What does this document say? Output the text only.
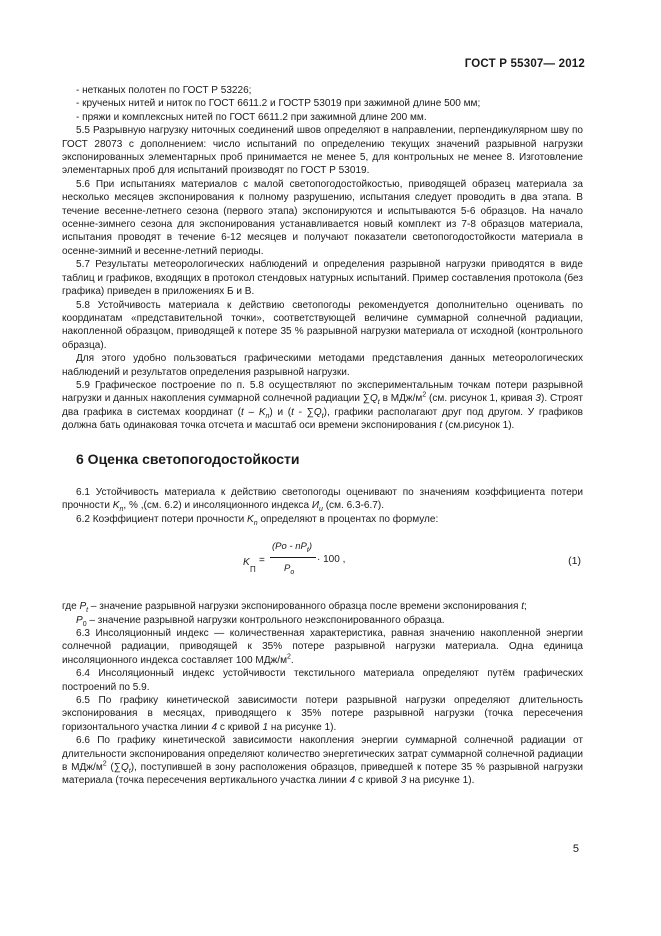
ГОСТ Р 55307— 2012

- нетканых полотен по ГОСТ Р 53226;

- крученых нитей и ниток по ГОСТ 6611.2 и ГОСТР 53019 при зажимной длине 500 мм;

- пряжи и комплексных нитей по ГОСТ 6611.2 при зажимной длине 200 мм.

5.5 Разрывную нагрузку ниточных соединений швов определяют в направлении, перпендикулярном шву по ГОСТ 28073 с дополнением: число испытаний по определению текущих значений разрывной нагрузки экспонированных элементарных проб принимается не менее 5, для контрольных не менее 8. Изготовление элементарных проб для испытаний производят по ГОСТ Р 53019.

5.6 При испытаниях материалов с малой светопогодостойкостью, приводящей образец материала за несколько месяцев экспонирования к полному разрушению, испытания следует проводить в два этапа. В течение весенне-летнего сезона (первого этапа) экспонируются и испытываются 5-6 образцов. На начало осенне-зимнего сезона для экспонирования устанавливается новый комплект из 7-8 образцов материала, испытания проводят в течение 6-12 месяцев и получают показатели светопогодостойкости материала в осенне-зимний и весенне-летний периоды.

5.7 Результаты метеорологических наблюдений и определения разрывной нагрузки приводятся в виде таблиц и графиков, входящих в протокол стендовых натурных испытаний. Пример составления протокола (без графика) приведен в приложениях Б и В.

5.8 Устойчивость материала к действию светопогоды рекомендуется дополнительно оценивать по координатам «представительной точки», соответствующей величине суммарной солнечной радиации, накопленной образцом, приводящей к потере 35 % разрывной нагрузки материала от исходной (контрольного образца).

Для этого удобно пользоваться графическими методами представления данных метеорологических наблюдений и результатов определения разрывной нагрузки.

5.9 Графическое построение по п. 5.8 осуществляют по экспериментальным точкам потери разрывной нагрузки и данных накопления суммарной солнечной радиации $\sum Q_t$ в МДж/$м^2$ (см. рисунок 1, кривая 3). Строят два графика в системах координат $(t - K_n)$ и $(t - \sum Q_t)$, графики располагают друг под другом. У графиков должна бать одинаковая точка отсчета и масштаб оси времени экспонирования t (см.рисунок 1).

6 Оценка светопогодостойкости

6.1 Устойчивость материала к действию светопогоды оценивают по значениям коэффициента потери прочности $K_n$, % ,(см. 6.2) и инсоляционного индекса $И_и$ (см. 6.3-6.7).

6.2 Коэффициент потери прочности $K_n$ определяют в процентах по формуле:

K
П
=
$(Po - nP_t)$
$P_o$
· 100 ,	(1)

где $P_t$ – значение разрывной нагрузки экспонированного образца после времени экспонирования t;

$P_0$ – значение разрывной нагрузки контрольного неэкспонированного образца.

6.3 Инсоляционный индекс — количественная характеристика, равная значению накопленной энергии солнечной радиации, приводящей к 35% потере разрывной нагрузки материала. Одна единица инсоляционного индекса составляет 100 МДж/$м^2$.

6.4 Инсоляционный индекс устойчивости текстильного материала определяют путём графических построений по 5.9.

6.5 По графику кинетической зависимости потери разрывной нагрузки определяют длительность экспонирования в месяцах, приводящего к 35% потере разрывной нагрузки (точка пересечения горизонтального участка линии 4 с кривой 1 на рисунке 1).

6.6 По графику кинетической зависимости накопления энергии суммарной солнечной радиации от длительности экспонирования определяют количество энергетических затрат суммарной солнечной радиации в МДж/$м^2$ $(\sum Q_t)$, поступившей в зону расположения образцов, приведшей к потере 35 % разрывной нагрузки материала (точка пересечения вертикального участка линии 4 с кривой 3 на рисунке 1).

5
